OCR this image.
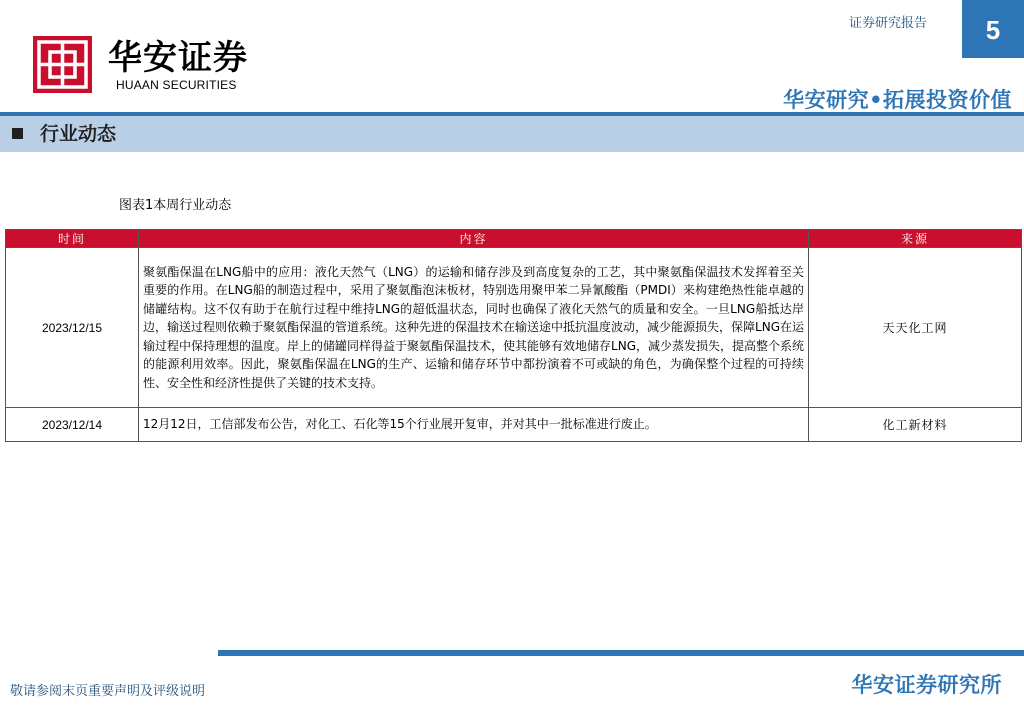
华安证券
HUAAN SECURITIES
证券研究报告	5
华安研究•拓展投资价值
行业动态
图表1本周行业动态
时间	内容	来源
2023/12/15	聚氨酯保温在LNG船中的应用：液化天然气（LNG）的运输和储存涉及到高度复杂的工艺，其中聚氨酯保温技术发挥着至关重要的作用。在LNG船的制造过程中，采用了聚氨酯泡沫板材，特别选用聚甲苯二异氰酸酯（PMDI）来构建绝热性能卓越的储罐结构。这不仅有助于在航行过程中维持LNG的超低温状态，同时也确保了液化天然气的质量和安全。一旦LNG船抵达岸边，输送过程则依赖于聚氨酯保温的管道系统。这种先进的保温技术在输送途中抵抗温度波动，减少能源损失，保障LNG在运输过程中保持理想的温度。岸上的储罐同样得益于聚氨酯保温技术，使其能够有效地储存LNG，减少蒸发损失，提高整个系统的能源利用效率。因此，聚氨酯保温在LNG的生产、运输和储存环节中都扮演着不可或缺的角色，为确保整个过程的可持续性、安全性和经济性提供了关键的技术支持。	天天化工网
2023/12/14	12月12日，工信部发布公告，对化工、石化等15个行业展开复审，并对其中一批标准进行废止。	化工新材料
敬请参阅末页重要声明及评级说明	华安证券研究所
